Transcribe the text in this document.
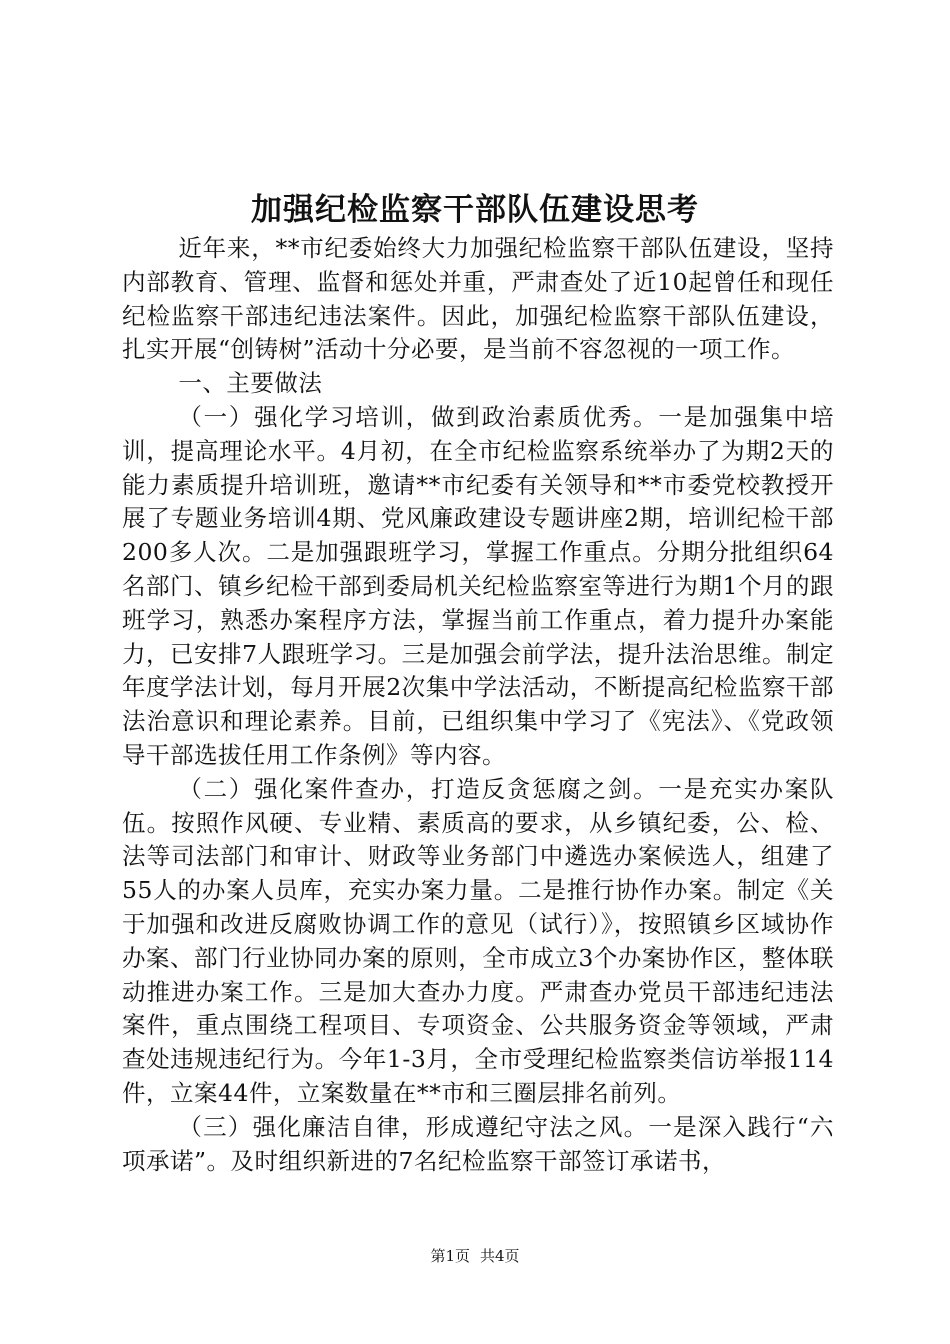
加强纪检监察干部队伍建设思考

近年来，**市纪委始终大力加强纪检监察干部队伍建设，坚持内部教育、管理、监督和惩处并重，严肃查处了近10起曾任和现任纪检监察干部违纪违法案件。因此，加强纪检监察干部队伍建设，扎实开展“创铸树”活动十分必要，是当前不容忽视的一项工作。

一、主要做法

（一）强化学习培训，做到政治素质优秀。一是加强集中培训，提高理论水平。4月初，在全市纪检监察系统举办了为期2天的能力素质提升培训班，邀请**市纪委有关领导和**市委党校教授开展了专题业务培训4期、党风廉政建设专题讲座2期，培训纪检干部200多人次。二是加强跟班学习，掌握工作重点。分期分批组织64名部门、镇乡纪检干部到委局机关纪检监察室等进行为期1个月的跟班学习，熟悉办案程序方法，掌握当前工作重点，着力提升办案能力，已安排7人跟班学习。三是加强会前学法，提升法治思维。制定年度学法计划，每月开展2次集中学法活动，不断提高纪检监察干部法治意识和理论素养。目前，已组织集中学习了《宪法》、《党政领导干部选拔任用工作条例》等内容。

（二）强化案件查办，打造反贪惩腐之剑。一是充实办案队伍。按照作风硬、专业精、素质高的要求，从乡镇纪委，公、检、法等司法部门和审计、财政等业务部门中遴选办案候选人，组建了55人的办案人员库，充实办案力量。二是推行协作办案。制定《关于加强和改进反腐败协调工作的意见（试行）》，按照镇乡区域协作办案、部门行业协同办案的原则，全市成立3个办案协作区，整体联动推进办案工作。三是加大查办力度。严肃查办党员干部违纪违法案件，重点围绕工程项目、专项资金、公共服务资金等领域，严肃查处违规违纪行为。今年1-3月，全市受理纪检监察类信访举报114件，立案44件，立案数量在**市和三圈层排名前列。

（三）强化廉洁自律，形成遵纪守法之风。一是深入践行“六项承诺”。及时组织新进的7名纪检监察干部签订承诺书，

第1页 共4页
